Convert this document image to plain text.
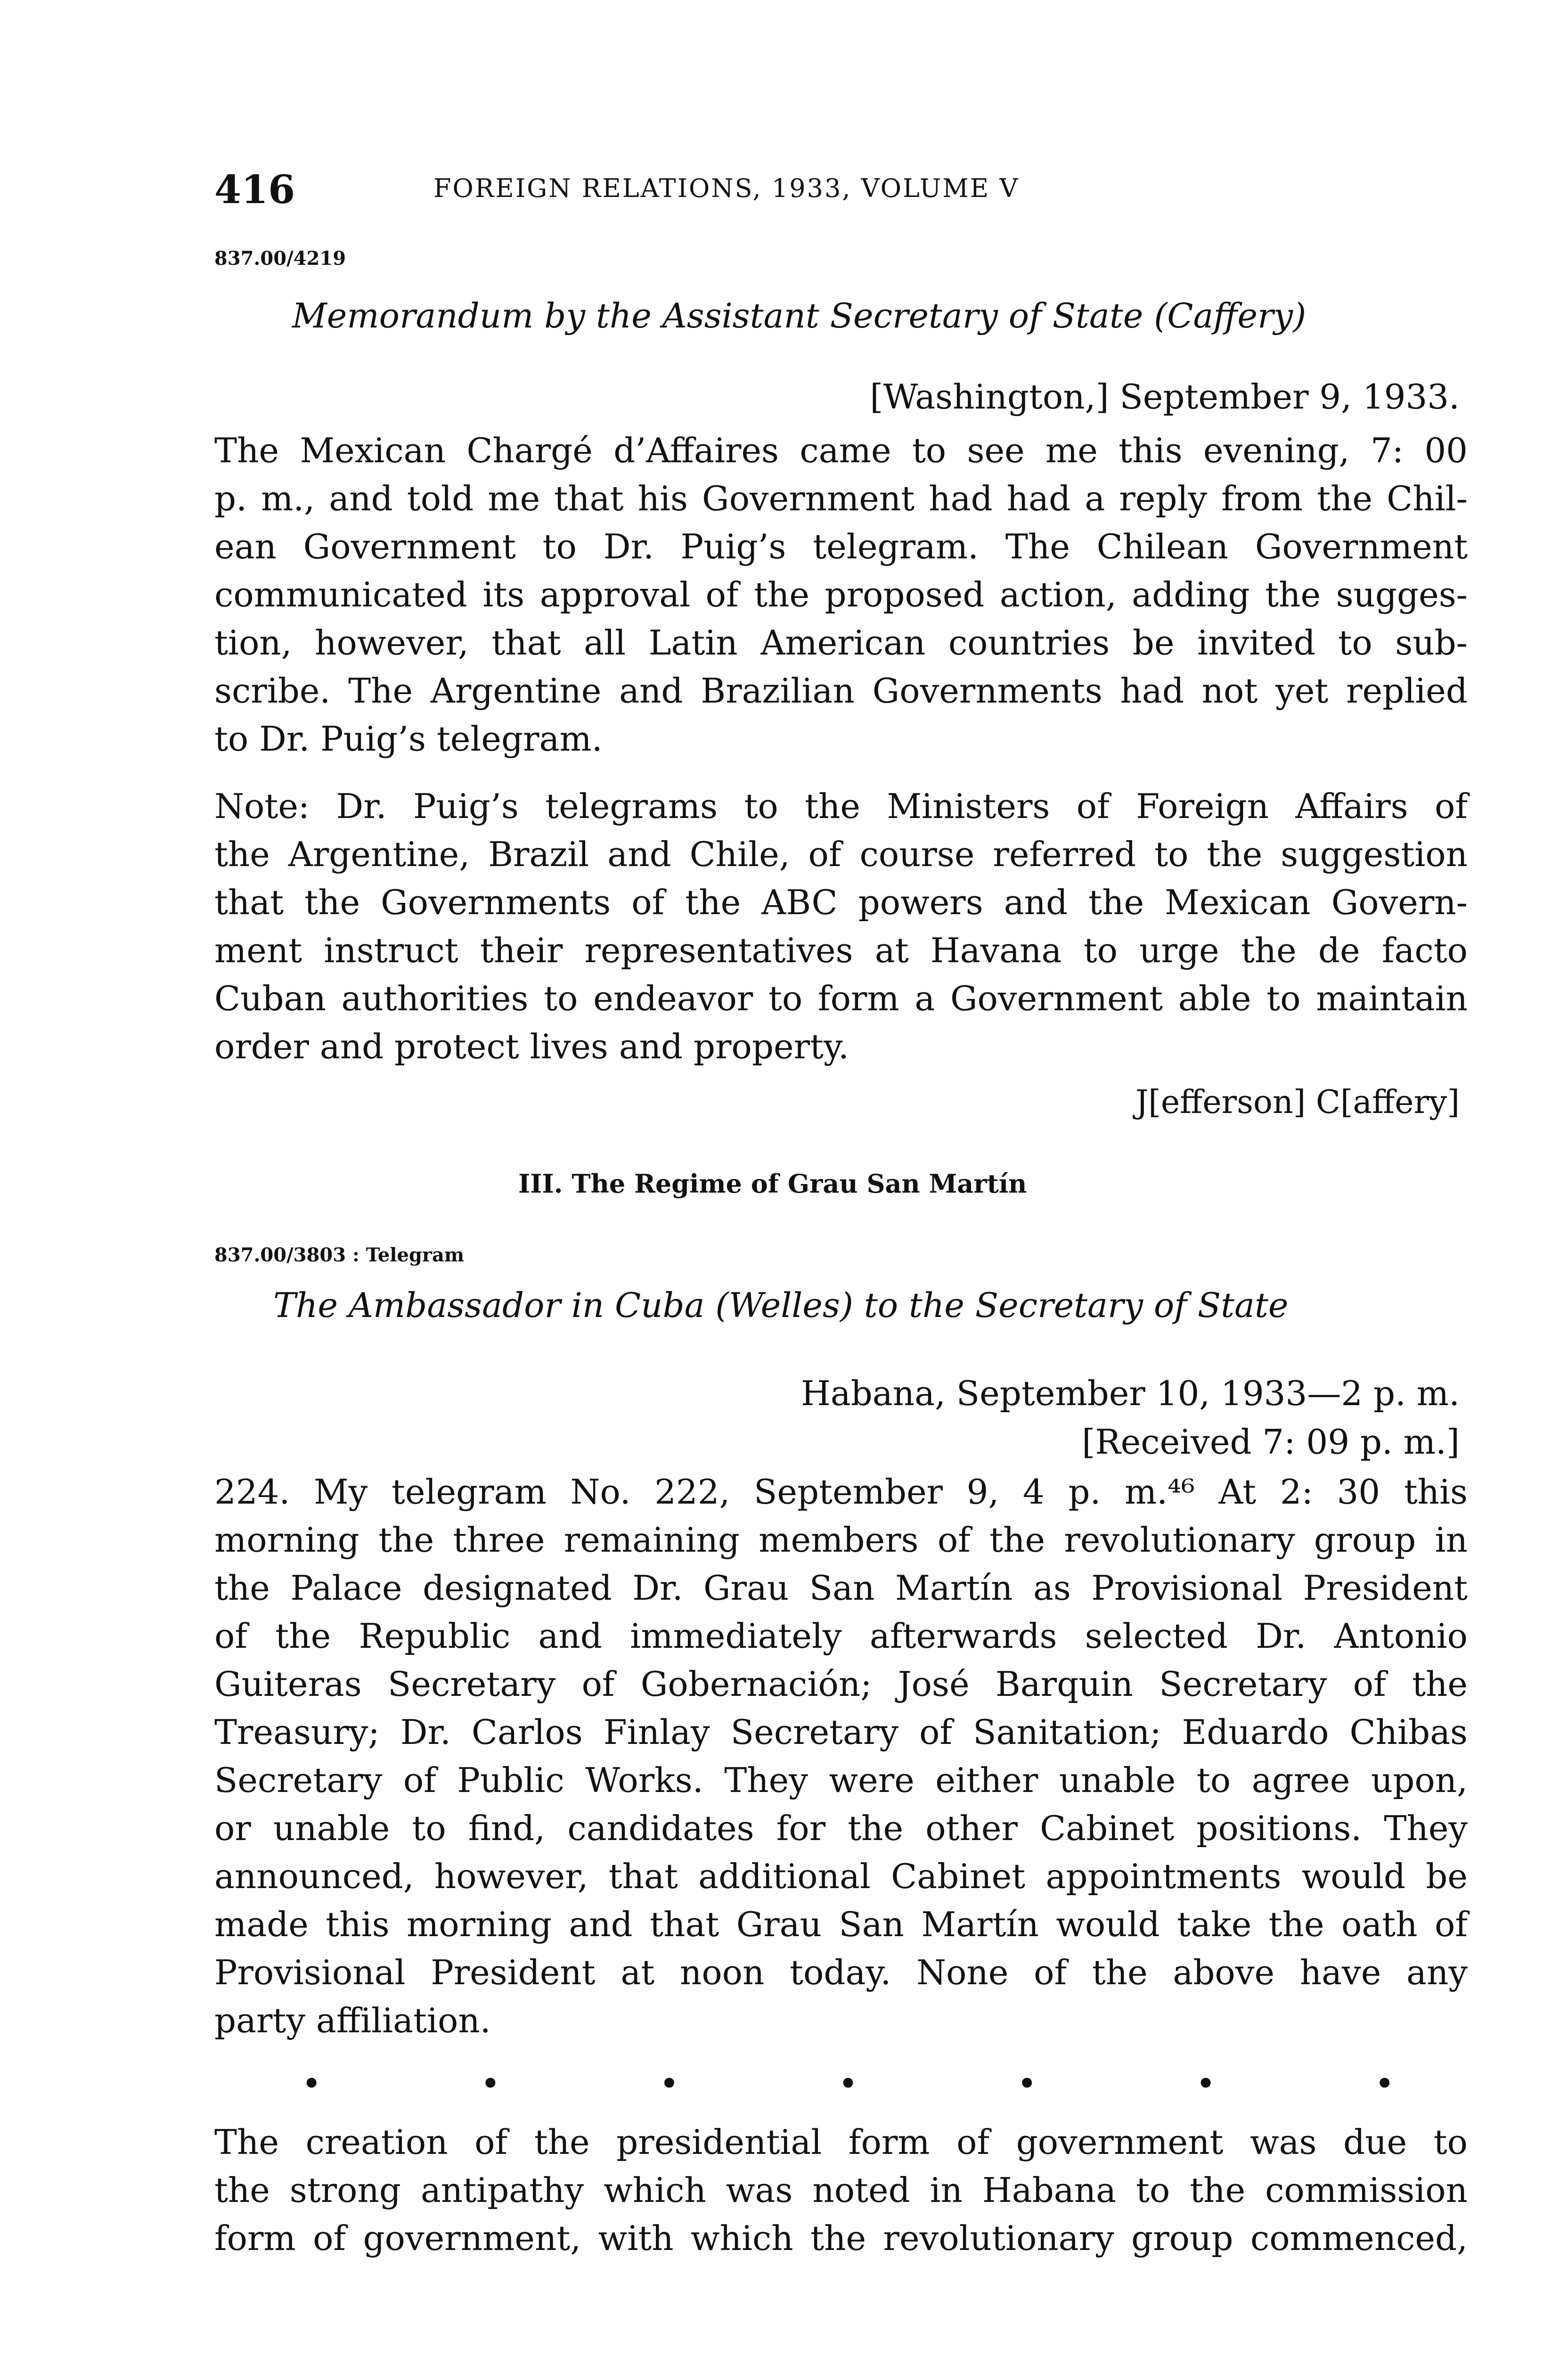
416	FOREIGN RELATIONS, 1933, VOLUME V
837.00/4219
Memorandum by the Assistant Secretary of State (Caffery)
[Washington,] September 9, 1933.
The Mexican Chargé d’Affaires came to see me this evening, 7: 00
p. m., and told me that his Government had had a reply from the Chil-
ean Government to Dr. Puig’s telegram. The Chilean Government
communicated its approval of the proposed action, adding the sugges-
tion, however, that all Latin American countries be invited to sub-
scribe. The Argentine and Brazilian Governments had not yet replied
to Dr. Puig’s telegram.
Note: Dr. Puig’s telegrams to the Ministers of Foreign Affairs of
the Argentine, Brazil and Chile, of course referred to the suggestion
that the Governments of the ABC powers and the Mexican Govern-
ment instruct their representatives at Havana to urge the de facto
Cuban authorities to endeavor to form a Government able to maintain
order and protect lives and property.
J[efferson] C[affery]
III. The Regime of Grau San Martín
837.00/3803 : Telegram
The Ambassador in Cuba (Welles) to the Secretary of State
Habana, September 10, 1933—2 p. m.
[Received 7: 09 p. m.]
224. My telegram No. 222, September 9, 4 p. m.⁴⁶ At 2: 30 this
morning the three remaining members of the revolutionary group in
the Palace designated Dr. Grau San Martín as Provisional President
of the Republic and immediately afterwards selected Dr. Antonio
Guiteras Secretary of Gobernación; José Barquin Secretary of the
Treasury; Dr. Carlos Finlay Secretary of Sanitation; Eduardo Chibas
Secretary of Public Works. They were either unable to agree upon,
or unable to find, candidates for the other Cabinet positions. They
announced, however, that additional Cabinet appointments would be
made this morning and that Grau San Martín would take the oath of
Provisional President at noon today. None of the above have any
party affiliation.
•	•	•	•	•	•	•
The creation of the presidential form of government was due to
the strong antipathy which was noted in Habana to the commission
form of government, with which the revolutionary group commenced,
